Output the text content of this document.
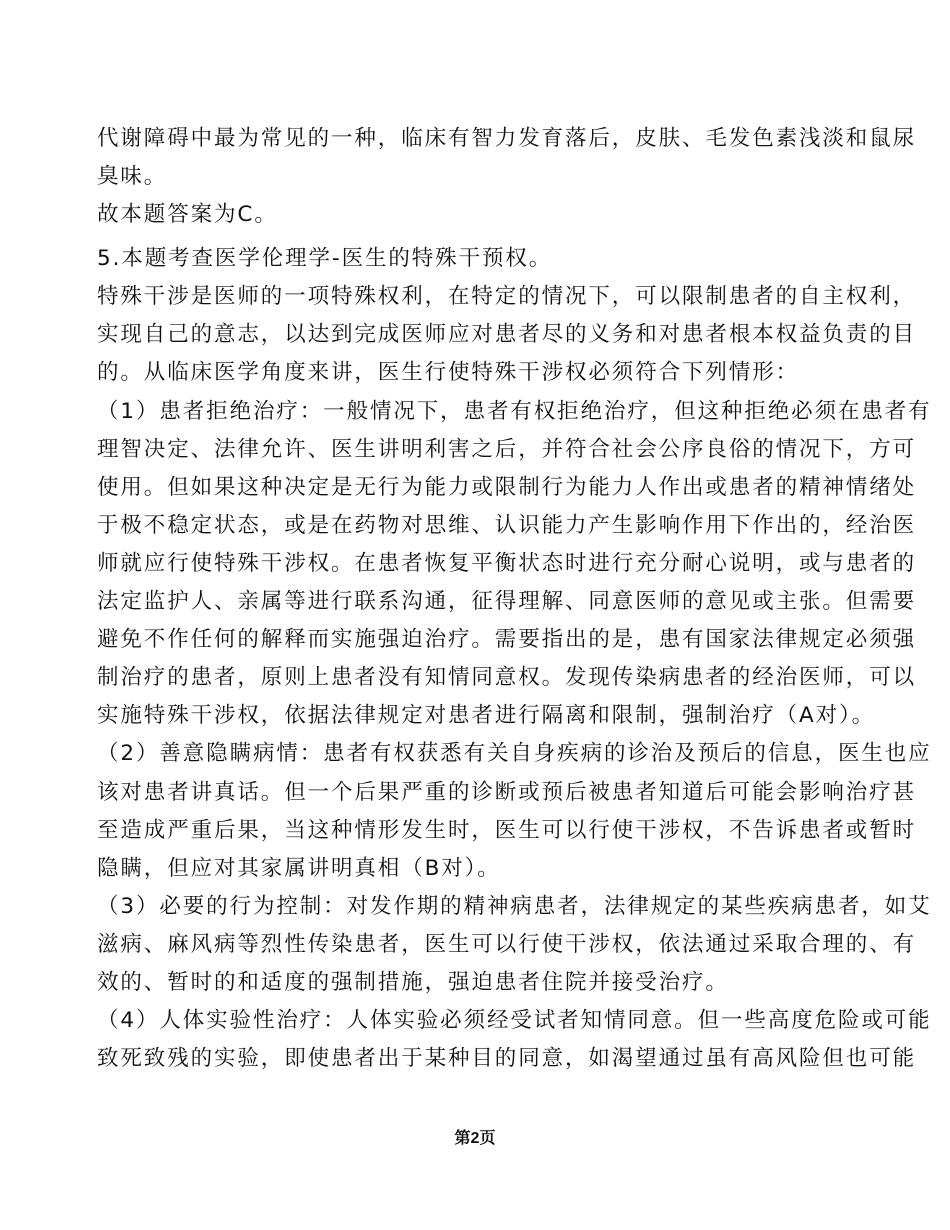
代谢障碍中最为常见的一种，临床有智力发育落后，皮肤、毛发色素浅淡和鼠尿
臭味。
故本题答案为C。
5.本题考查医学伦理学-医生的特殊干预权。
特殊干涉是医师的一项特殊权利，在特定的情况下，可以限制患者的自主权利，
实现自己的意志，以达到完成医师应对患者尽的义务和对患者根本权益负责的目
的。从临床医学角度来讲，医生行使特殊干涉权必须符合下列情形：
（1）患者拒绝治疗：一般情况下，患者有权拒绝治疗，但这种拒绝必须在患者有
理智决定、法律允许、医生讲明利害之后，并符合社会公序良俗的情况下，方可
使用。但如果这种决定是无行为能力或限制行为能力人作出或患者的精神情绪处
于极不稳定状态，或是在药物对思维、认识能力产生影响作用下作出的，经治医
师就应行使特殊干涉权。在患者恢复平衡状态时进行充分耐心说明，或与患者的
法定监护人、亲属等进行联系沟通，征得理解、同意医师的意见或主张。但需要
避免不作任何的解释而实施强迫治疗。需要指出的是，患有国家法律规定必须强
制治疗的患者，原则上患者没有知情同意权。发现传染病患者的经治医师，可以
实施特殊干涉权，依据法律规定对患者进行隔离和限制，强制治疗（A对）。
（2）善意隐瞒病情：患者有权获悉有关自身疾病的诊治及预后的信息，医生也应
该对患者讲真话。但一个后果严重的诊断或预后被患者知道后可能会影响治疗甚
至造成严重后果，当这种情形发生时，医生可以行使干涉权，不告诉患者或暂时
隐瞒，但应对其家属讲明真相（B对）。
（3）必要的行为控制：对发作期的精神病患者，法律规定的某些疾病患者，如艾
滋病、麻风病等烈性传染患者，医生可以行使干涉权，依法通过采取合理的、有
效的、暂时的和适度的强制措施，强迫患者住院并接受治疗。
（4）人体实验性治疗：人体实验必须经受试者知情同意。但一些高度危险或可能
致死致残的实验，即使患者出于某种目的同意，如渴望通过虽有高风险但也可能
第2页
